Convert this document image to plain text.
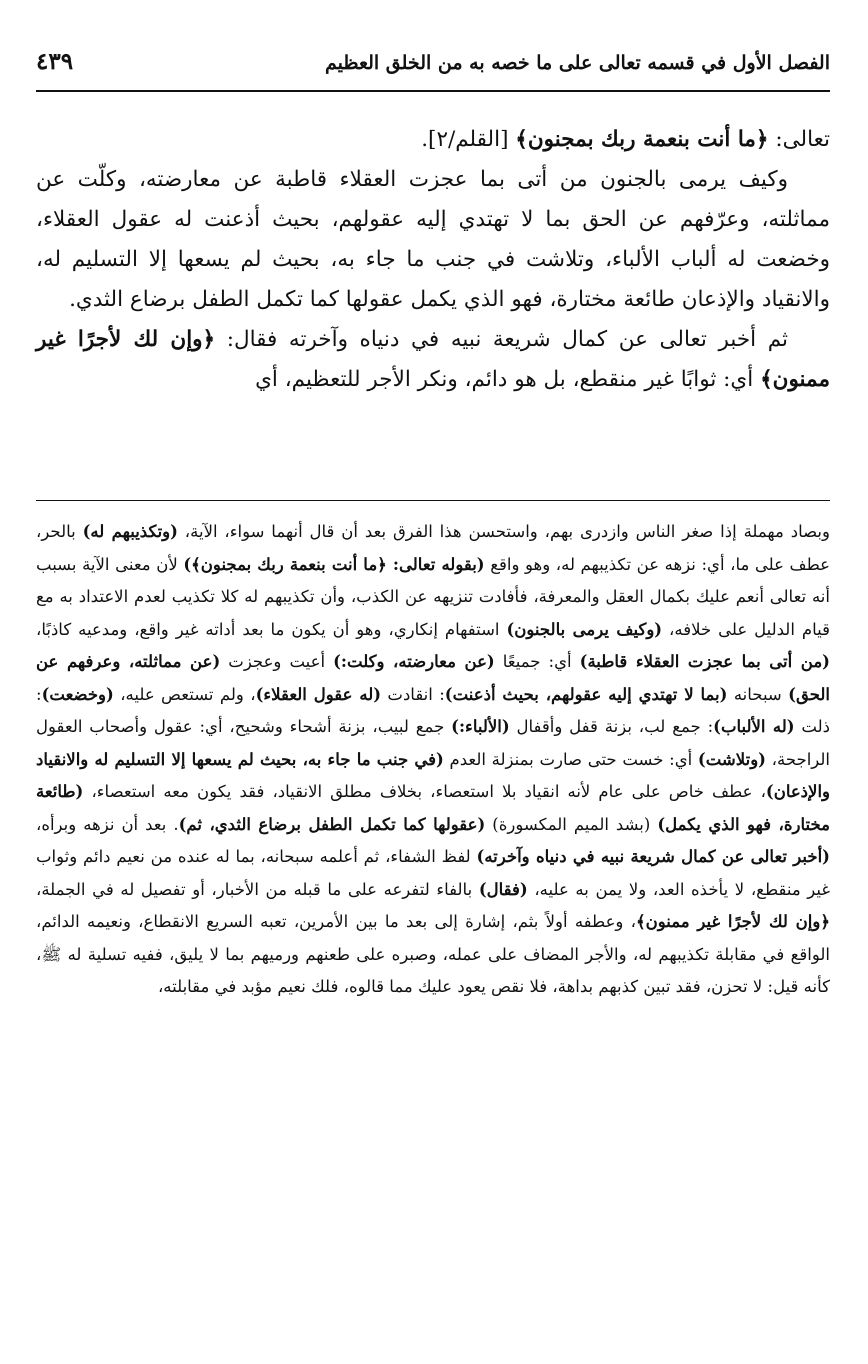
الفصل الأول في قسمه تعالى على ما خصه به من الخلق العظيم
٤٣٩

تعالى: ﴿ما أنت بنعمة ربك بمجنون﴾ [القلم/٢].

وكيف يرمى بالجنون من أتى بما عجزت العقلاء قاطبة عن معارضته، وكلّت عن مماثلته، وعرّفهم عن الحق بما لا تهتدي إليه عقولهم، بحيث أذعنت له عقول العقلاء، وخضعت له ألباب الألباء، وتلاشت في جنب ما جاء به، بحيث لم يسعها إلا التسليم له، والانقياد والإذعان طائعة مختارة، فهو الذي يكمل عقولها كما تكمل الطفل برضاع الثدي.

ثم أخبر تعالى عن كمال شريعة نبيه في دنياه وآخرته فقال: ﴿وإن لك لأجرًا غير ممنون﴾ أي: ثوابًا غير منقطع، بل هو دائم، ونكر الأجر للتعظيم، أي

وبصاد مهملة إذا صغر الناس وازدرى بهم، واستحسن هذا الفرق بعد أن قال أنهما سواء، الآية، (وتكذيبهم له) بالحر، عطف على ما، أي: نزهه عن تكذيبهم له، وهو واقع (بقوله تعالى: ﴿ما أنت بنعمة ربك بمجنون﴾) لأن معنى الآية بسبب أنه تعالى أنعم عليك بكمال العقل والمعرفة، فأفادت تنزيهه عن الكذب، وأن تكذيبهم له كلا تكذيب لعدم الاعتداد به مع قيام الدليل على خلافه، (وكيف يرمى بالجنون) استفهام إنكاري، وهو أن يكون ما بعد أداته غير واقع، ومدعيه كاذبًا، (من أتى بما عجزت العقلاء قاطبة) أي: جميعًا (عن معارضته، وكلت:) أعيت وعجزت (عن مماثلته، وعرفهم عن الحق) سبحانه (بما لا تهتدي إليه عقولهم، بحيث أذعنت): انقادت (له عقول العقلاء)، ولم تستعص عليه، (وخضعت): ذلت (له الألباب): جمع لب، بزنة قفل وأقفال (الألباء:) جمع لبيب، بزنة أشحاء وشحيح، أي: عقول وأصحاب العقول الراجحة، (وتلاشت) أي: خست حتى صارت بمنزلة العدم (في جنب ما جاء به، بحيث لم يسعها إلا التسليم له والانقياد والإذعان)، عطف خاص على عام لأنه انقياد بلا استعصاء، بخلاف مطلق الانقياد، فقد يكون معه استعصاء، (طائعة مختارة، فهو الذي يكمل) (بشد الميم المكسورة) (عقولها كما تكمل الطفل برضاع الثدي، ثم). بعد أن نزهه وبرأه، (أخبر تعالى عن كمال شريعة نبيه في دنياه وآخرته) لفظ الشفاء، ثم أعلمه سبحانه، بما له عنده من نعيم دائم وثواب غير منقطع، لا يأخذه العد، ولا يمن به عليه، (فقال) بالفاء لتفرعه على ما قبله من الأخبار، أو تفصيل له في الجملة، ﴿وإن لك لأجرًا غير ممنون﴾، وعطفه أولاً بثم، إشارة إلى بعد ما بين الأمرين، تعبه السريع الانقطاع، ونعيمه الدائم، الواقع في مقابلة تكذيبهم له، والأجر المضاف على عمله، وصبره على طعنهم ورميهم بما لا يليق، ففيه تسلية له ﷺ، كأنه قيل: لا تحزن، فقد تبين كذبهم بداهة، فلا نقص يعود عليك مما قالوه، فلك نعيم مؤبد في مقابلته،
